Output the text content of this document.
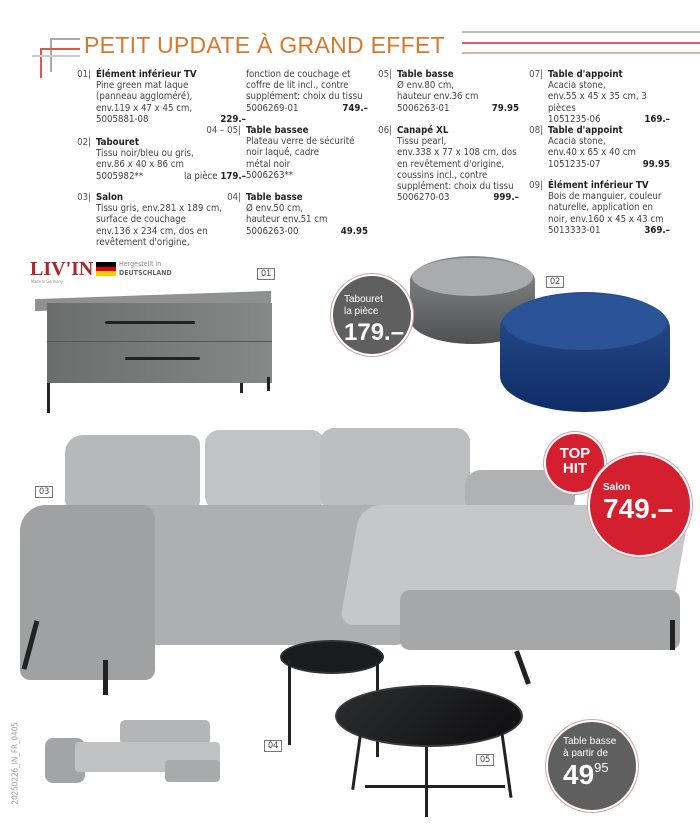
PETIT UPDATE À GRAND EFFET
01| Élément inférieur TV
Pine green mat laque
(panneau aggloméré),
env.119 x 47 x 45 cm,
5005881-08	229.–
02| Tabouret
Tissu noir/bleu ou gris,
env.86 x 40 x 86 cm
5005982**	la pièce 179.–
03| Salon
Tissu gris, env.281 x 189 cm,
surface de couchage
env.136 x 234 cm, dos en
revêtement d'origine,
fonction de couchage et
coffre de lit incl., contre
supplément: choix du tissu
5006269-01	749.–
04 – 05| Table bassee
Plateau verre de sécurité
noir laqué, cadre
métal noir
5006263**
04| Table basse
Ø env.50 cm,
hauteur env.51 cm
5006263-00	49.95
05| Table basse
Ø env.80 cm,
hauteur env.36 cm
5006263-01	79.95
06| Canapé XL
Tissu pearl,
env.338 x 77 x 108 cm, dos
en revêtement d'origine,
coussins incl., contre
supplément: choix du tissu
5006270-03	999.–
07| Table d'appoint
Acacia stone,
env.55 x 45 x 35 cm, 3 pièces
1051235-06	169.–
08| Table d'appoint
Acacia stone,
env.40 x 65 x 40 cm
1051235-07	99.95
09| Élément inférieur TV
Bois de manguier, couleur
naturelle, application en
noir, env.160 x 45 x 43 cm
5013333-01	369.–
LIV'IN
Made in Germany
Hergestellt in
DEUTSCHLAND	01
02
03
04
05
Tabouret
la pièce
179.–
TOP
HIT
Salon
749.–
Table basse
à partir de
$49^{95}$
20250226_IN_FR_0405
